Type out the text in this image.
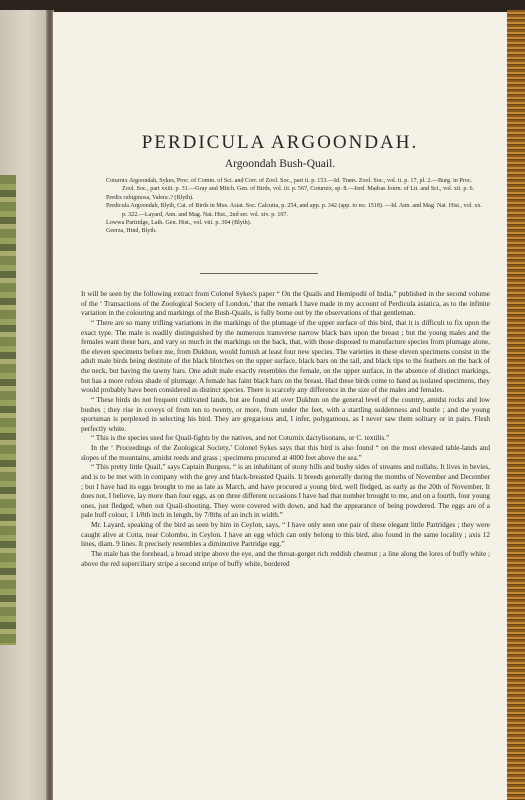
PERDICULA ARGOONDAH.
Argoondah Bush-Quail.

Coturnix Argoondah, Sykes, Proc. of Comm. of Sci. and Corr. of Zool. Soc., part ii. p. 153.—Id. Trans. Zool. Soc., vol. ii. p. 17, pl. 2.—Burg. in Proc. Zool. Soc., part xxiii. p. 31.—Gray and Mitch. Gen. of Birds, vol. iii. p. 567, Coturnix, sp. 8.—Jerd. Madras Journ. of Lit. and Sci., vol. xii. p. 6.

Perdix rubiginosa, Valenc.? (Blyth).

Perdicula Argoondah, Blyth, Cat. of Birds in Mus. Asiat. Soc. Calcutta, p. 254, and app. p. 342 (app. to no. 1518). —Id. Ann. and Mag. Nat. Hist., vol. xx. p. 322.—Layard, Ann. and Mag. Nat. Hist., 2nd ser. vol. xiv. p. 107.

Lowwa Partridge, Lath. Gen. Hist., vol. viii. p. 304 (Blyth).

Geerza, Hind, Blyth.

It will be seen by the following extract from Colonel Sykes's paper “ On the Quails and Hemipodii of India,” published in the second volume of the ‘ Transactions of the Zoological Society of London,’ that the remark I have made in my account of Perdicula asiatica, as to the infinite variation in the colouring and markings of the Bush-Quails, is fully borne out by the observations of that gentleman.

“ There are so many trifling variations in the markings of the plumage of the upper surface of this bird, that it is difficult to fix upon the exact type. The male is readily distinguished by the numerous transverse narrow black bars upon the breast ; but the young males and the females want these bars, and vary so much in the markings on the back, that, with those disposed to manufacture species from plumage alone, the eleven specimens before me, from Dukhun, would furnish at least four new species. The varieties in these eleven specimens consist in the adult male birds being destitute of the black blotches on the upper surface, black bars on the tail, and black tips to the feathers on the back of the neck, but having the tawny bars. One adult male exactly resembles the female, on the upper surface, in the absence of distinct markings, but has a more rufous shade of plumage. A female has faint black bars on the breast. Had these birds come to hand as isolated specimens, they would probably have been considered as distinct species. There is scarcely any difference in the size of the males and females.

“ These birds do not frequent cultivated lands, but are found all over Dukhun on the general level of the country, amidst rocks and low bushes ; they rise in coveys of from ten to twenty, or more, from under the feet, with a startling suddenness and bustle ; and the young sportsman is perplexed in selecting his bird. They are gregarious and, I infer, polygamous, as I never saw them solitary or in pairs. Flesh perfectly white.

“ This is the species used for Quail-fights by the natives, and not Coturnix dactylisonans, or C. textilis.”

In the ‘ Proceedings of the Zoological Society,’ Colonel Sykes says that this bird is also found “ on the most elevated table-lands and slopes of the mountains, amidst reeds and grass ; specimens procured at 4000 feet above the sea.”

“ This pretty little Quail,” says Captain Burgess, “ is an inhabitant of stony hills and bushy sides of streams and nullahs. It lives in bevies, and is to be met with in company with the grey and black-breasted Quails. It breeds generally during the months of November and December ; but I have had its eggs brought to me as late as March, and have procured a young bird, well fledged, as early as the 20th of November. It does not, I believe, lay more than four eggs, as on three different occasions I have had that number brought to me, and on a fourth, four young ones, just fledged, when out Quail-shooting. They were covered with down, and had the appearance of being powdered. The eggs are of a pale buff colour, 1 1/8th inch in length, by 7/8ths of an inch in width.”

Mr. Layard, speaking of the bird as seen by him in Ceylon, says, “ I have only seen one pair of these elegant little Partridges ; they were caught alive at Cotta, near Colombo, in Ceylon. I have an egg which can only belong to this bird, also found in the same locality ; axis 12 lines, diam. 9 lines. It precisely resembles a diminutive Partridge egg.”

The male has the forehead, a broad stripe above the eye, and the throat-gorget rich reddish chestnut ; a line along the lores of buffy white ; above the red superciliary stripe a second stripe of buffy white, bordered
